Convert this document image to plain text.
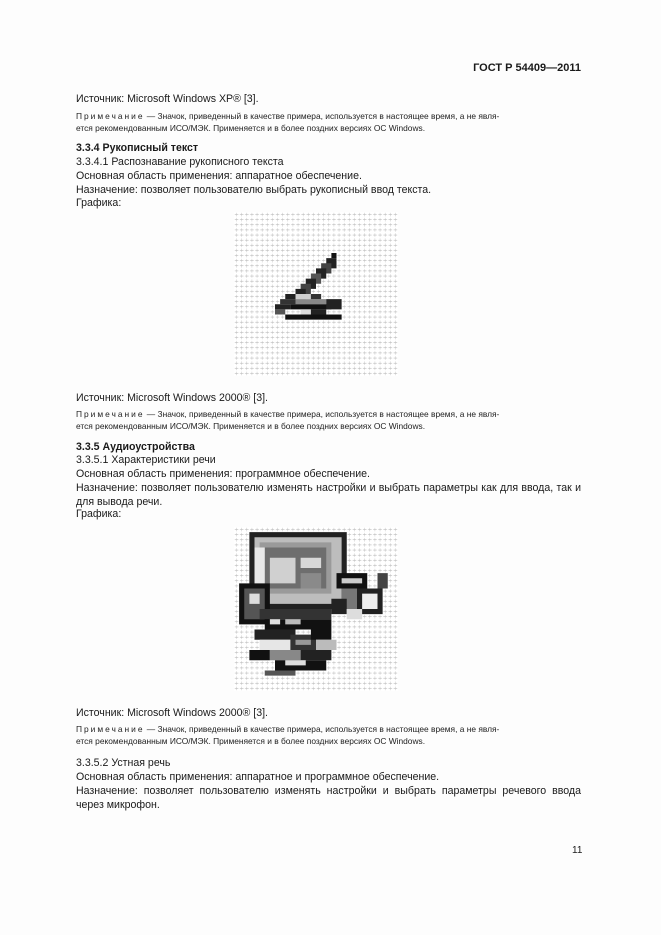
ГОСТ Р 54409—2011
Источник: Microsoft Windows XP® [3].
Примечание — Значок, приведенный в качестве примера, используется в настоящее время, а не явля-
ется рекомендованным ИСО/МЭК. Применяется и в более поздних версиях ОС Windows.
3.3.4 Рукописный текст
3.3.4.1 Распознавание рукописного текста
Основная область применения: аппаратное обеспечение.
Назначение: позволяет пользователю выбрать рукописный ввод текста.
Графика:
Источник: Microsoft Windows 2000® [3].
Примечание — Значок, приведенный в качестве примера, используется в настоящее время, а не явля-
ется рекомендованным ИСО/МЭК. Применяется и в более поздних версиях ОС Windows.
3.3.5 Аудиоустройства
3.3.5.1 Характеристики речи
Основная область применения: программное обеспечение.
Назначение: позволяет пользователю изменять настройки и выбрать параметры как для ввода, так и для вывода речи.
Графика:
Источник: Microsoft Windows 2000® [3].
Примечание — Значок, приведенный в качестве примера, используется в настоящее время, а не явля-
ется рекомендованным ИСО/МЭК. Применяется и в более поздних версиях ОС Windows.
3.3.5.2 Устная речь
Основная область применения: аппаратное и программное обеспечение.
Назначение: позволяет пользователю изменять настройки и выбрать параметры речевого ввода через микрофон.
11
